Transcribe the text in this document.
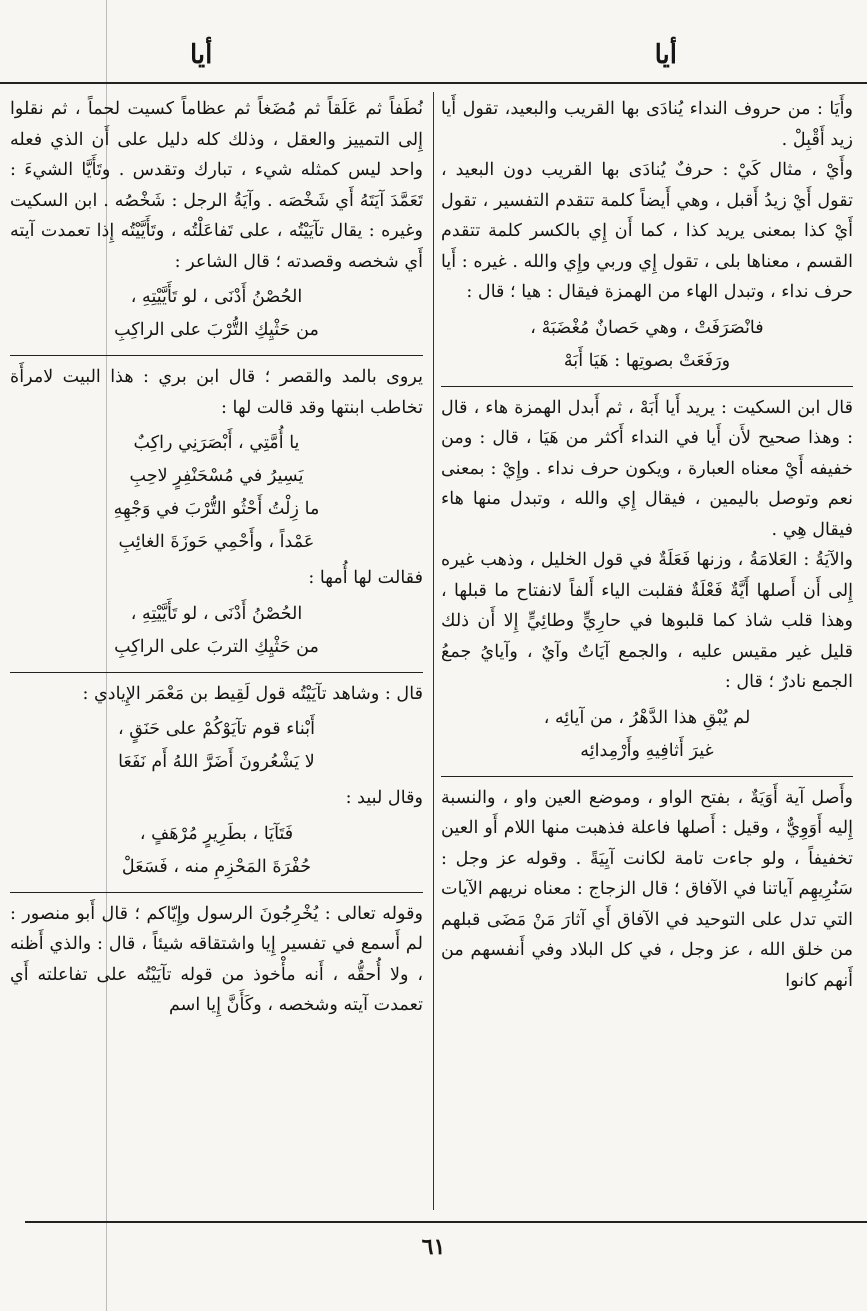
أيا
أيا

وأَيَا : من حروف النداء يُنادَى بها القريب والبعيد، تقول أَيا زيد أَقْبِلْ .

وأَيْ ، مثال كَيْ : حرفٌ يُنادَى بها القريب دون البعيد ، تقول أَيْ زيدُ أَقبل ، وهي أَيضاً كلمة تتقدم التفسير ، تقول أَيْ كذا بمعنى يريد كذا ، كما أَن إِي بالكسر كلمة تتقدم القسم ، معناها بلى ، تقول إِي وربي وإِي والله . غيره : أَيا حرف نداء ، وتبدل الهاء من الهمزة فيقال : هيا ؛ قال :

فانْصَرَفَتْ ، وهي حَصانٌ مُغْضَبَهْ ،
ورَفَعَتْ بصوتِها : هَيَا أَبَهْ

قال ابن السكيت : يريد أَيا أَبَهْ ، ثم أَبدل الهمزة هاء ، قال : وهذا صحيح لأَن أَيا في النداء أَكثر من هَيَا ، قال : ومن خفيفه أَيْ معناه العبارة ، ويكون حرف نداء . وإِيْ : بمعنى نعم وتوصل باليمين ، فيقال إِي والله ، وتبدل منها هاء فيقال هِي .

والآيَةُ : العَلامَةُ ، وزنها فَعَلَةٌ في قول الخليل ، وذهب غيره إِلى أَن أَصلها أَيَّةٌ فَعْلَةٌ فقلبت الياء أَلفاً لانفتاح ما قبلها ، وهذا قلب شاذ كما قلبوها في حارِيٍّ وطائِيٍّ إِلا أَن ذلك قليل غير مقيس عليه ، والجمع آيَاتٌ وآيٌ ، وآيايُ جمعُ الجمع نادرٌ ؛ قال :

لم يُبْقِ هذا الدَّهْرُ ، من آيائِه ،
غيرَ أَثافِيهِ وأَرْمِدائِه

وأَصل آية أَوَيَةٌ ، بفتح الواو ، وموضع العين واو ، والنسبة إِليه أَوَوِيٌّ ، وقيل : أَصلها فاعلة فذهبت منها اللام أَو العين تخفيفاً ، ولو جاءت تامة لكانت آيِيَةً . وقوله عز وجل : سَنُرِيهِم آياتنا في الآفاق ؛ قال الزجاج : معناه نريهم الآيات التي تدل على التوحيد في الآفاق أَي آثارَ مَنْ مَضَى قبلهم من خلق الله ، عز وجل ، في كل البلاد وفي أَنفسهم من أَنهم كانوا

نُطَفاً ثم عَلَقاً ثم مُضَغاً ثم عظاماً كسيت لحماً ، ثم نقلوا إِلى التمييز والعقل ، وذلك كله دليل على أَن الذي فعله واحد ليس كمثله شيء ، تبارك وتقدس . وتَأَيَّا الشيءَ : تَعَمَّدَ آيَتَهُ أَي شَخْصَه . وآيَةُ الرجل : شَخْصُه . ابن السكيت وغيره : يقال تآيَيْتُه ، على تَفاعَلْتُه ، وتَأَيَّيْتُه إِذا تعمدت آيته أَي شخصه وقصدته ؛ قال الشاعر :

الحُصْنُ أَدْنَى ، لو تَأَيَّيْتِهِ ،
من حَثْيِكِ التُّرْبَ على الراكِبِ

يروى بالمد والقصر ؛ قال ابن بري : هذا البيت لامرأَة تخاطب ابنتها وقد قالت لها :

يا أُمَّتِي ، أَبْصَرَنِي راكِبٌ
يَسِيرُ في مُسْحَنْفِرٍ لاحِبِ
ما زِلْتُ أَحْثُو التُّرْبَ في وَجْهِهِ
عَمْداً ، وأَحْمِي حَوزَةَ الغائِبِ

فقالت لها أُمها :

الحُصْنُ أَدْنَى ، لو تَأَيَّيْتِهِ ،
من حَثْيِكِ التربَ على الراكِبِ

قال : وشاهد تآيَيْتُه قول لَقِيط بن مَعْمَر الإِيادي :

أَبْناء قوم تآيَوْكُمْ على حَنَقٍ ،
لا يَشْعُرونَ أَضَرَّ اللهُ أَم نَفَعَا

وقال لبيد :

فَتَآيَا ، بطَرِيرٍ مُرْهَفٍ ،
حُفْرَةَ المَحْزِمِ منه ، فَسَعَلْ

وقوله تعالى : يُخْرِجُونَ الرسول وإِيّاكم ؛ قال أَبو منصور : لم أَسمع في تفسير إِيا واشتقاقه شيئاً ، قال : والذي أَظنه ، ولا أُحقُّه ، أَنه مأْخوذ من قوله تآيَيْتُه على تفاعلته أَي تعمدت آيته وشخصه ، وكَأَنَّ إِيا اسم

٦١
